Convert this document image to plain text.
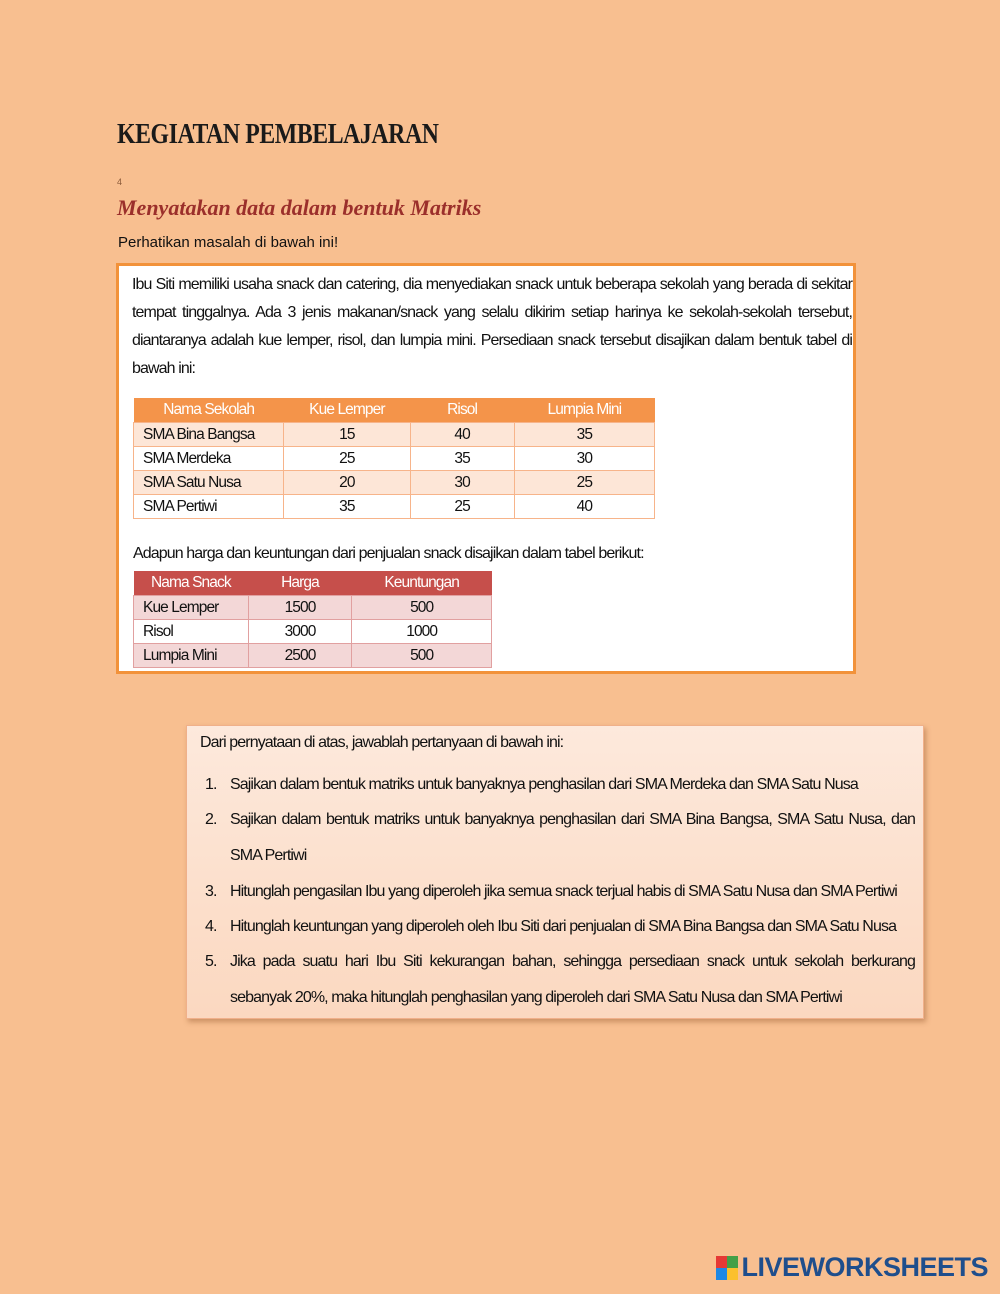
KEGIATAN PEMBELAJARAN
4
Menyatakan data dalam bentuk Matriks
Perhatikan masalah di bawah ini!

Ibu Siti memiliki usaha snack dan catering, dia menyediakan snack untuk beberapa sekolah yang berada di sekitar tempat tinggalnya. Ada 3 jenis makanan/snack yang selalu dikirim setiap harinya ke sekolah-sekolah tersebut, diantaranya adalah kue lemper, risol, dan lumpia mini. Persediaan snack tersebut disajikan dalam bentuk tabel di bawah ini:

Nama Sekolah	Kue Lemper	Risol	Lumpia Mini
SMA Bina Bangsa	15	40	35
SMA Merdeka	25	35	30
SMA Satu Nusa	20	30	25
SMA Pertiwi	35	25	40

Adapun harga dan keuntungan dari penjualan snack disajikan dalam tabel berikut:

Nama Snack	Harga	Keuntungan
Kue Lemper	1500	500
Risol	3000	1000
Lumpia Mini	2500	500

Dari pernyataan di atas, jawablah pertanyaan di bawah ini:

1. Sajikan dalam bentuk matriks untuk banyaknya penghasilan dari SMA Merdeka dan SMA Satu Nusa
2. Sajikan dalam bentuk matriks untuk banyaknya penghasilan dari SMA Bina Bangsa, SMA Satu Nusa, dan SMA Pertiwi
3. Hitunglah pengasilan Ibu yang diperoleh jika semua snack terjual habis di SMA Satu Nusa dan SMA Pertiwi
4. Hitunglah keuntungan yang diperoleh oleh Ibu Siti dari penjualan di SMA Bina Bangsa dan SMA Satu Nusa
5. Jika pada suatu hari Ibu Siti kekurangan bahan, sehingga persediaan snack untuk sekolah berkurang sebanyak 20%, maka hitunglah penghasilan yang diperoleh dari SMA Satu Nusa dan SMA Pertiwi
LIVEWORKSHEETS
